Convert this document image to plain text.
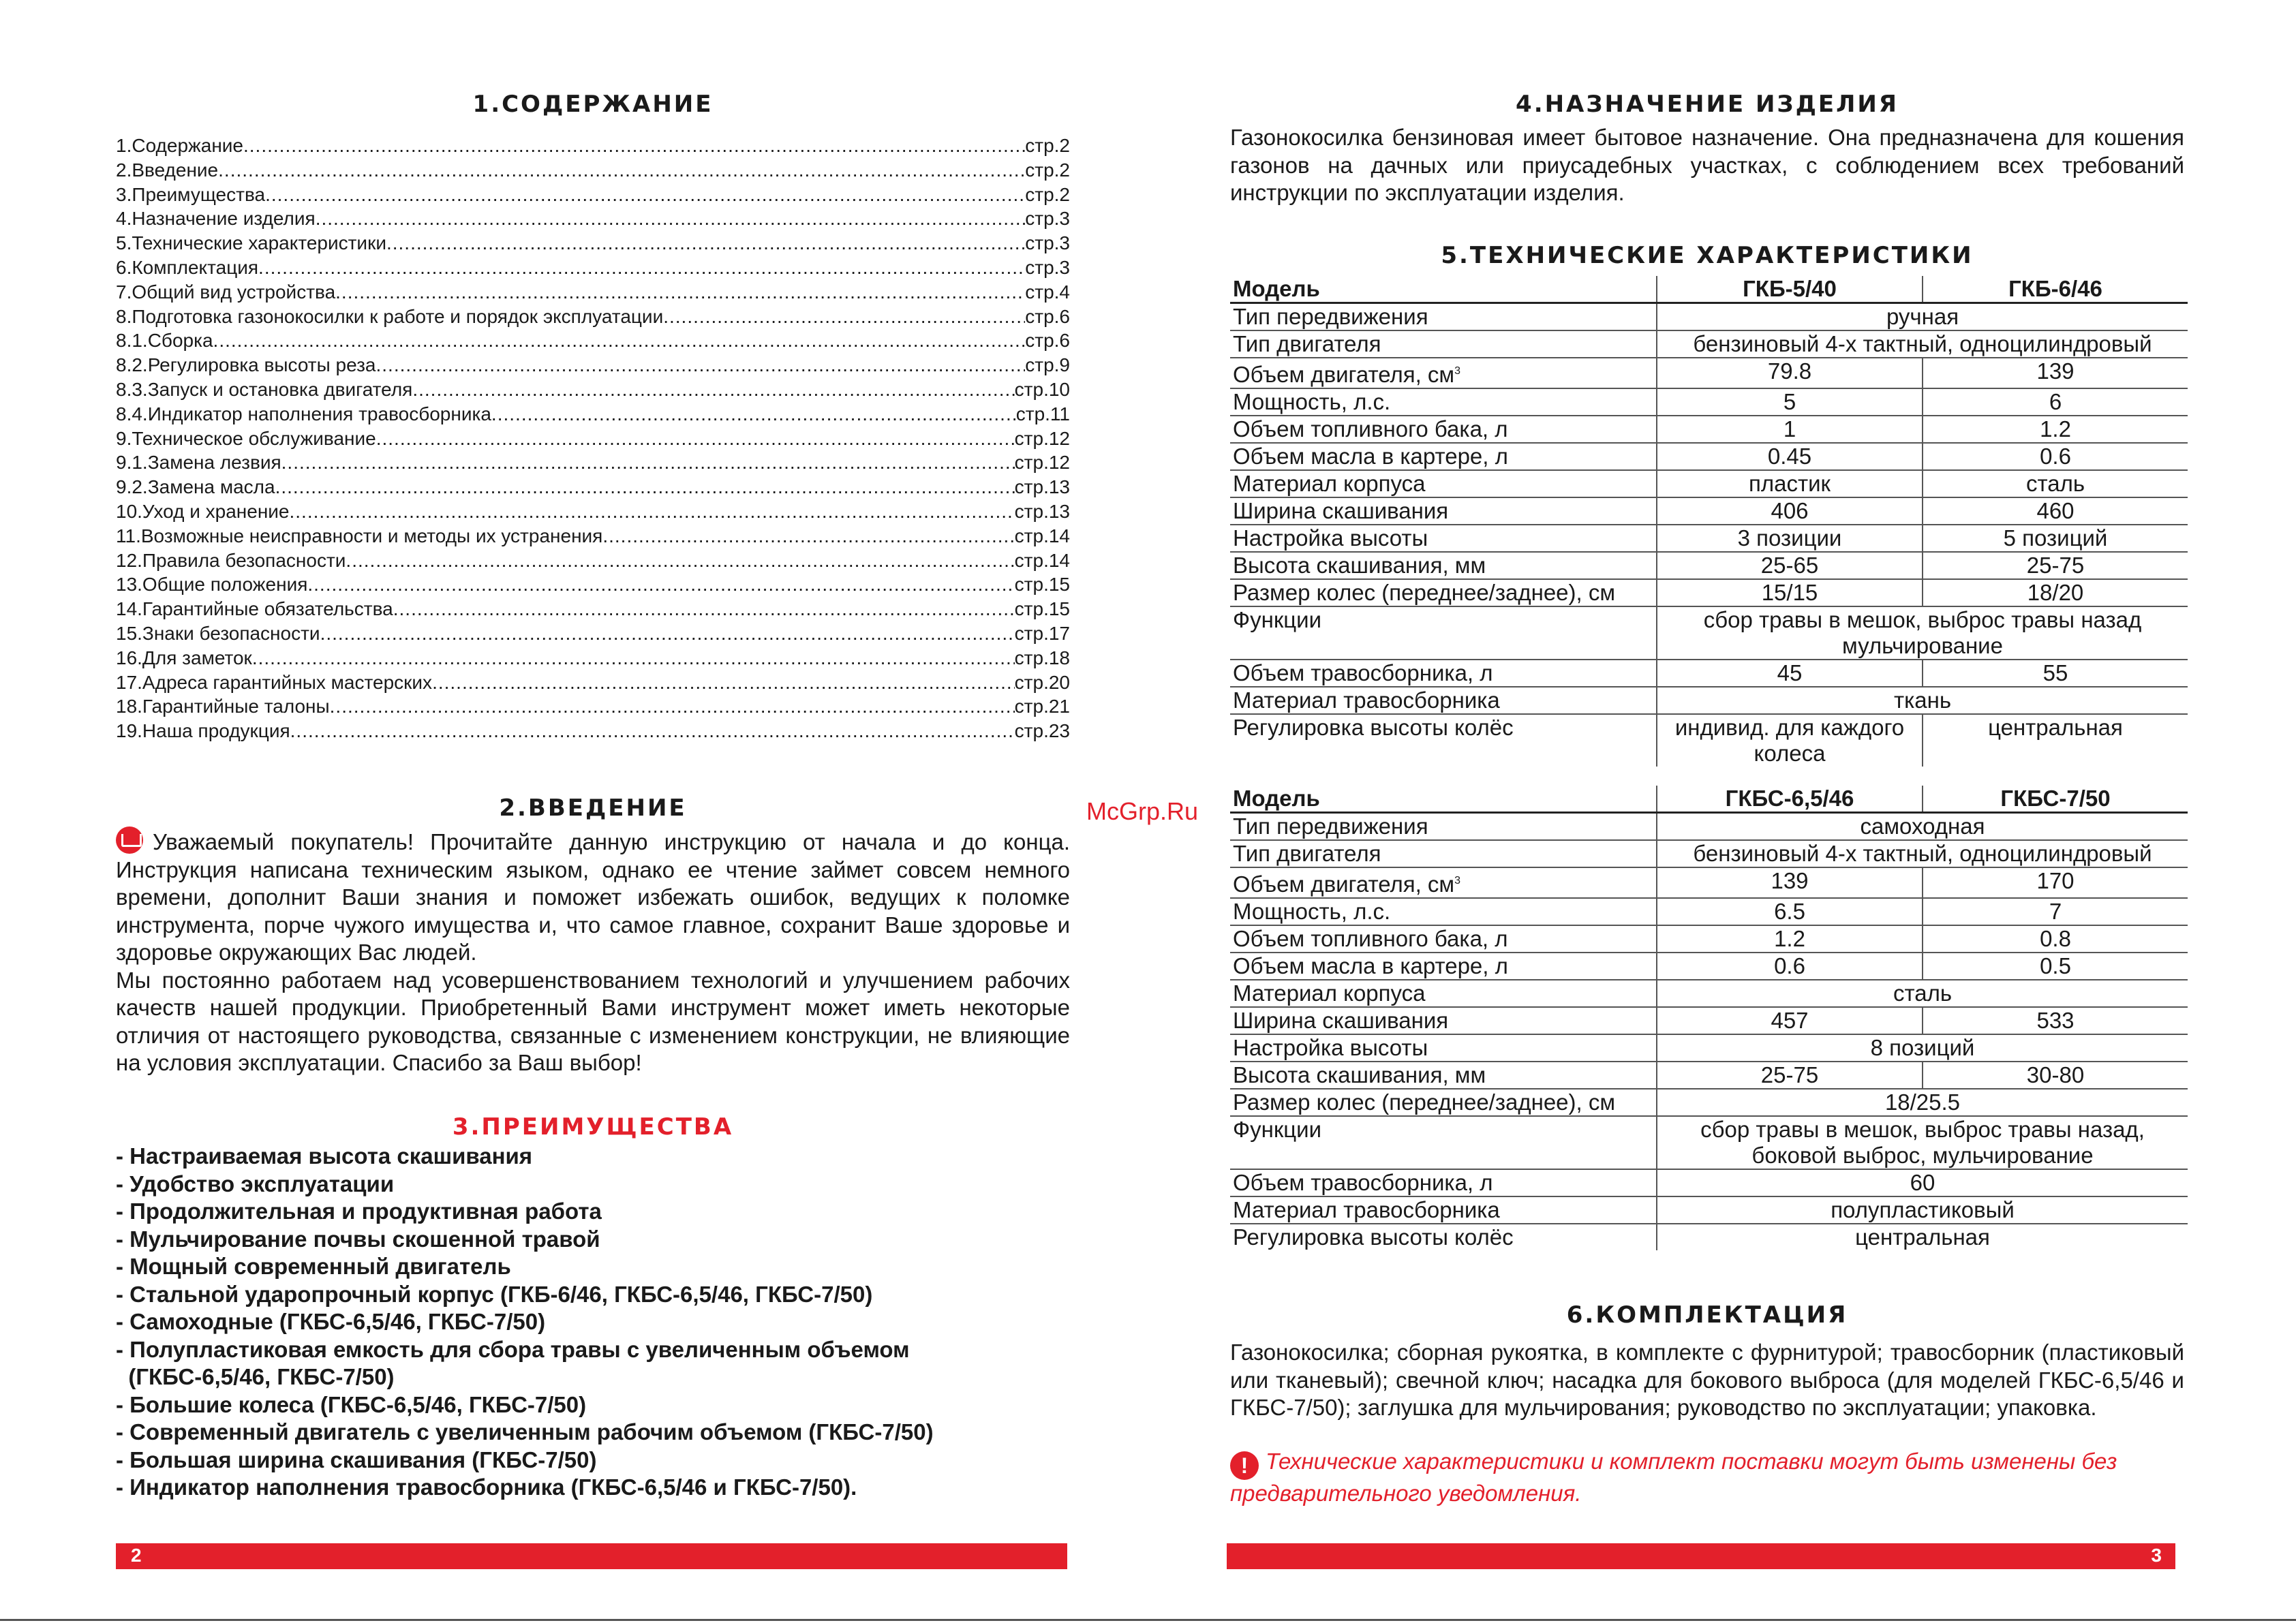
1.СОДЕРЖАНИЕ
1.Содержание .....	стр.2
2.Введение .....	стр.2
3.Преимущества .....	стр.2
4.Назначение изделия .....	стр.3
5.Технические характеристики .....	стр.3
6.Комплектация .....	стр.3
7.Общий вид устройства .....	стр.4
8.Подготовка газонокосилки к работе и порядок эксплуатации .....	стр.6
8.1.Сборка .....	стр.6
8.2.Регулировка высоты реза .....	стр.9
8.3.Запуск и остановка двигателя .....	стр.10
8.4.Индикатор наполнения травосборника .....	стр.11
9.Техническое обслуживание .....	стр.12
9.1.Замена лезвия .....	стр.12
9.2.Замена масла .....	стр.13
10.Уход и хранение .....	стр.13
11.Возможные неисправности и методы их устранения .....	стр.14
12.Правила безопасности .....	стр.14
13.Общие положения .....	стр.15
14.Гарантийные обязательства .....	стр.15
15.Знаки безопасности .....	стр.17
16.Для заметок .....	стр.18
17.Адреса гарантийных мастерских .....	стр.20
18.Гарантийные талоны .....	стр.21
19.Наша продукция .....	стр.23
2.ВВЕДЕНИЕ

Уважаемый покупатель! Прочитайте данную инструкцию от начала и до конца. Инструкция написана техническим языком, однако ее чтение займет совсем немного времени, дополнит Ваши знания и поможет избежать ошибок, ведущих к поломке инструмента, порче чужого имущества и, что самое главное, сохранит Ваше здоровье и здоровье окружающих Вас людей.

Мы постоянно работаем над усовершенствованием технологий и улучшением рабочих качеств нашей продукции. Приобретенный Вами инструмент может иметь некоторые отличия от настоящего руководства, связанные с изменением конструкции, не влияющие на условия эксплуатации. Спасибо за Ваш выбор!

3.ПРЕИМУЩЕСТВА
- Настраиваемая высота скашивания
- Удобство эксплуатации
- Продолжительная и продуктивная работа
- Мульчирование почвы скошенной травой
- Мощный современный двигатель
- Стальной ударопрочный корпус (ГКБ-6/46, ГКБС-6,5/46, ГКБС-7/50)
- Самоходные (ГКБС-6,5/46, ГКБС-7/50)
- Полупластиковая емкость для сбора травы с увеличенным объемом
(ГКБС-6,5/46, ГКБС-7/50)
- Большие колеса (ГКБС-6,5/46, ГКБС-7/50)
- Современный двигатель с увеличенным рабочим объемом (ГКБС-7/50)
- Большая ширина скашивания (ГКБС-7/50)
- Индикатор наполнения травосборника (ГКБС-6,5/46 и ГКБС-7/50).
2
McGrp.Ru
4.НАЗНАЧЕНИЕ ИЗДЕЛИЯ

Газонокосилка бензиновая имеет бытовое назначение. Она предназначена для кошения газонов на дачных или приусадебных участках, с соблюдением всех требований инструкции по эксплуатации изделия.

5.ТЕХНИЧЕСКИЕ ХАРАКТЕРИСТИКИ
Модель	ГКБ-5/40	ГКБ-6/46
Тип передвижения	ручная	
Тип двигателя	бензиновый 4-х тактный, одноцилиндровый	
Объем двигателя, $см^3$	79.8	139
Мощность, л.с.	5	6
Объем топливного бака, л	1	1.2
Объем масла в картере, л	0.45	0.6
Материал корпуса	пластик	сталь
Ширина скашивания	406	460
Настройка высоты	3 позиции	5 позиций
Высота скашивания, мм	25-65	25-75
Размер колес (переднее/заднее), см	15/15	18/20
Функции	сбор травы в мешок, выброс травы назад мульчирование	
Объем травосборника, л	45	55
Материал травосборника	ткань	
Регулировка высоты колёс	индивид. для каждого колеса	центральная
Модель	ГКБС-6,5/46	ГКБС-7/50
Тип передвижения	самоходная	
Тип двигателя	бензиновый 4-х тактный, одноцилиндровый	
Объем двигателя, $см^3$	139	170
Мощность, л.с.	6.5	7
Объем топливного бака, л	1.2	0.8
Объем масла в картере, л	0.6	0.5
Материал корпуса	сталь	
Ширина скашивания	457	533
Настройка высоты	8 позиций	
Высота скашивания, мм	25-75	30-80
Размер колес (переднее/заднее), см	18/25.5	
Функции	сбор травы в мешок, выброс травы назад, боковой выброс, мульчирование	
Объем травосборника, л	60	
Материал травосборника	полупластиковый	
Регулировка высоты колёс	центральная	
6.КОМПЛЕКТАЦИЯ

Газонокосилка; сборная рукоятка, в комплекте с фурнитурой; травосборник (пластиковый или тканевый); свечной ключ; насадка для бокового выброса (для моделей ГКБС-6,5/46 и ГКБС-7/50); заглушка для мульчирования; руководство по эксплуатации; упаковка.

! Технические характеристики и комплект поставки могут быть изменены без предварительного уведомления.

3
